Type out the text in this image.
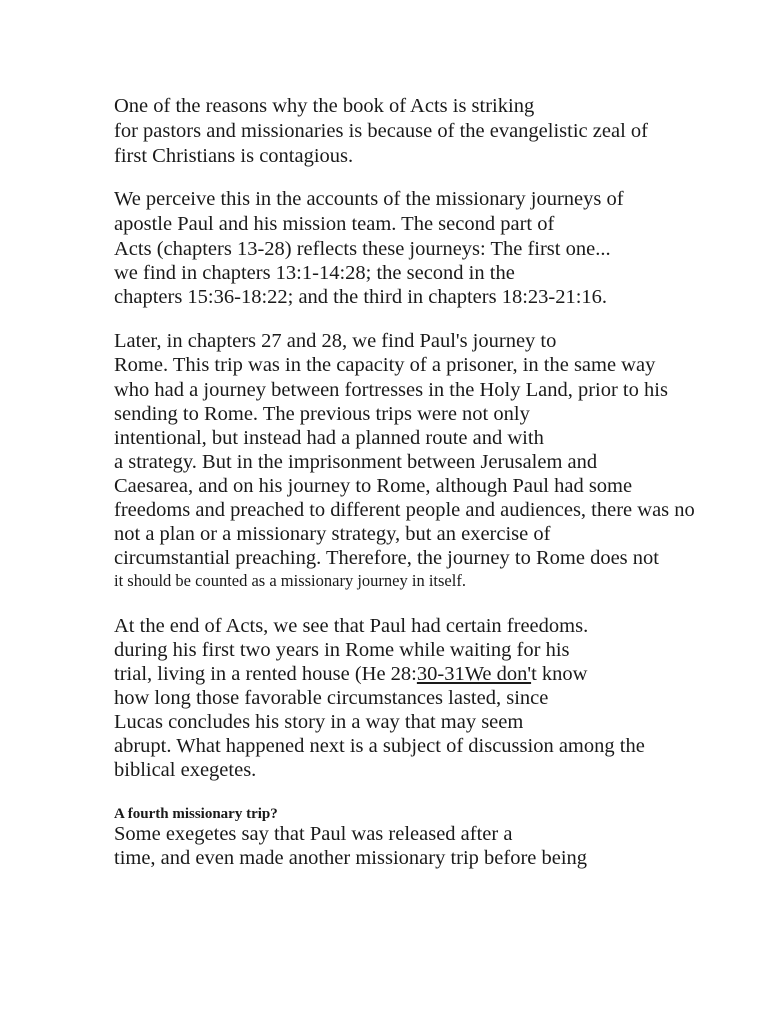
One of the reasons why the book of Acts is striking
for pastors and missionaries is because of the evangelistic zeal of
first Christians is contagious.
We perceive this in the accounts of the missionary journeys of
apostle Paul and his mission team. The second part of
Acts (chapters 13-28) reflects these journeys: The first one...
we find in chapters 13:1-14:28; the second in the
chapters 15:36-18:22; and the third in chapters 18:23-21:16.
Later, in chapters 27 and 28, we find Paul's journey to
Rome. This trip was in the capacity of a prisoner, in the same way
who had a journey between fortresses in the Holy Land, prior to his
sending to Rome. The previous trips were not only
intentional, but instead had a planned route and with
a strategy. But in the imprisonment between Jerusalem and
Caesarea, and on his journey to Rome, although Paul had some
freedoms and preached to different people and audiences, there was no
not a plan or a missionary strategy, but an exercise of
circumstantial preaching. Therefore, the journey to Rome does not
it should be counted as a missionary journey in itself.
At the end of Acts, we see that Paul had certain freedoms.
during his first two years in Rome while waiting for his
trial, living in a rented house (He 28:30-31We don't know
how long those favorable circumstances lasted, since
Lucas concludes his story in a way that may seem
abrupt. What happened next is a subject of discussion among the
biblical exegetes.
A fourth missionary trip?
Some exegetes say that Paul was released after a
time, and even made another missionary trip before being
